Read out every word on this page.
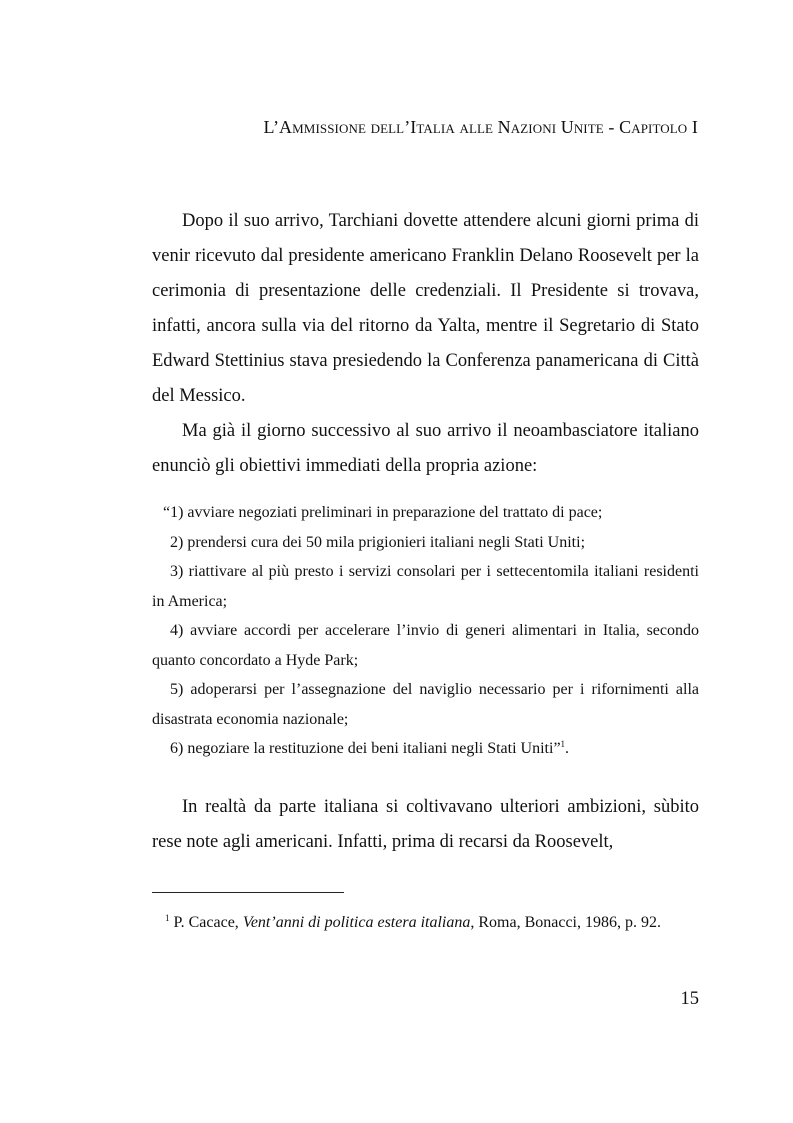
L’Ammissione dell’Italia alle Nazioni Unite - Capitolo I

Dopo il suo arrivo, Tarchiani dovette attendere alcuni giorni prima di venir ricevuto dal presidente americano Franklin Delano Roosevelt per la cerimonia di presentazione delle credenziali. Il Presidente si trovava, infatti, ancora sulla via del ritorno da Yalta, mentre il Segretario di Stato Edward Stettinius stava presiedendo la Conferenza panamericana di Città del Messico.

Ma già il giorno successivo al suo arrivo il neoambasciatore italiano enunciò gli obiettivi immediati della propria azione:

“1) avviare negoziati preliminari in preparazione del trattato di pace;

2) prendersi cura dei 50 mila prigionieri italiani negli Stati Uniti;

3) riattivare al più presto i servizi consolari per i settecentomila italiani residenti in America;

4) avviare accordi per accelerare l’invio di generi alimentari in Italia, secondo quanto concordato a Hyde Park;

5) adoperarsi per l’assegnazione del naviglio necessario per i rifornimenti alla disastrata economia nazionale;

6) negoziare la restituzione dei beni italiani negli Stati Uniti”$^1$.

In realtà da parte italiana si coltivavano ulteriori ambizioni, sùbito rese note agli americani. Infatti, prima di recarsi da Roosevelt,

$^1$ P. Cacace, Vent’anni di politica estera italiana, Roma, Bonacci, 1986, p. 92.
15
